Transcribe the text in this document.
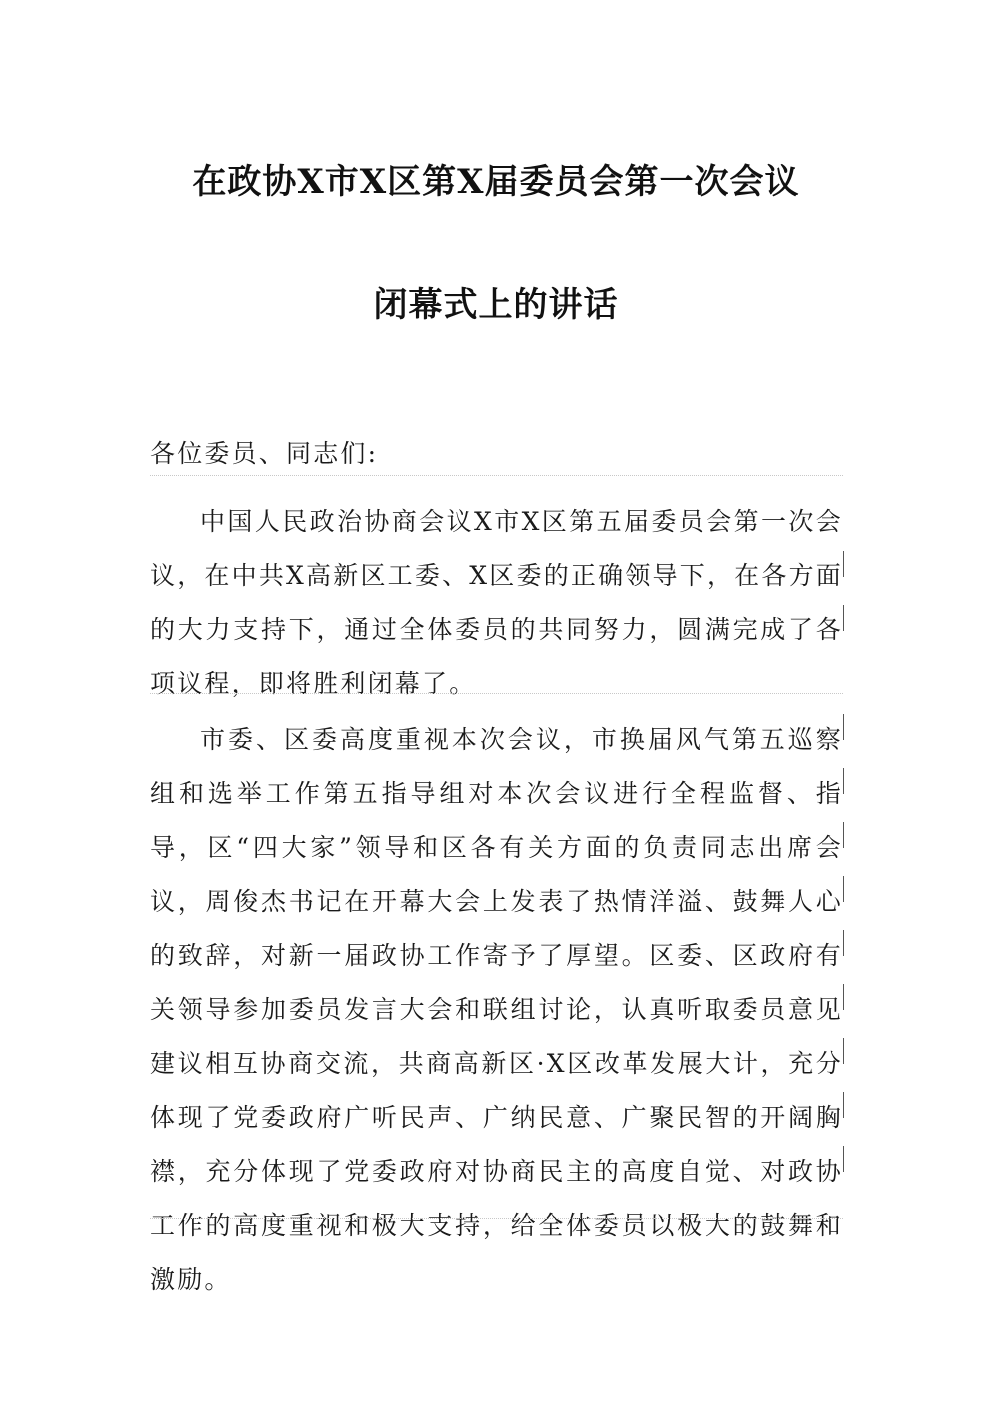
在政协X市X区第X届委员会第一次会议
闭幕式上的讲话

各位委员、同志们:

中国人民政治协商会议X市X区第五届委员会第一次会议，在中共X高新区工委、X区委的正确领导下，在各方面的大力支持下，通过全体委员的共同努力，圆满完成了各项议程，即将胜利闭幕了。

市委、区委高度重视本次会议，市换届风气第五巡察组和选举工作第五指导组对本次会议进行全程监督、指导，区“四大家”领导和区各有关方面的负责同志出席会议，周俊杰书记在开幕大会上发表了热情洋溢、鼓舞人心的致辞，对新一届政协工作寄予了厚望。区委、区政府有关领导参加委员发言大会和联组讨论，认真听取委员意见建议相互协商交流，共商高新区·X区改革发展大计，充分体现了党委政府广听民声、广纳民意、广聚民智的开阔胸襟，充分体现了党委政府对协商民主的高度自觉、对政协工作的高度重视和极大支持，给全体委员以极大的鼓舞和激励。
